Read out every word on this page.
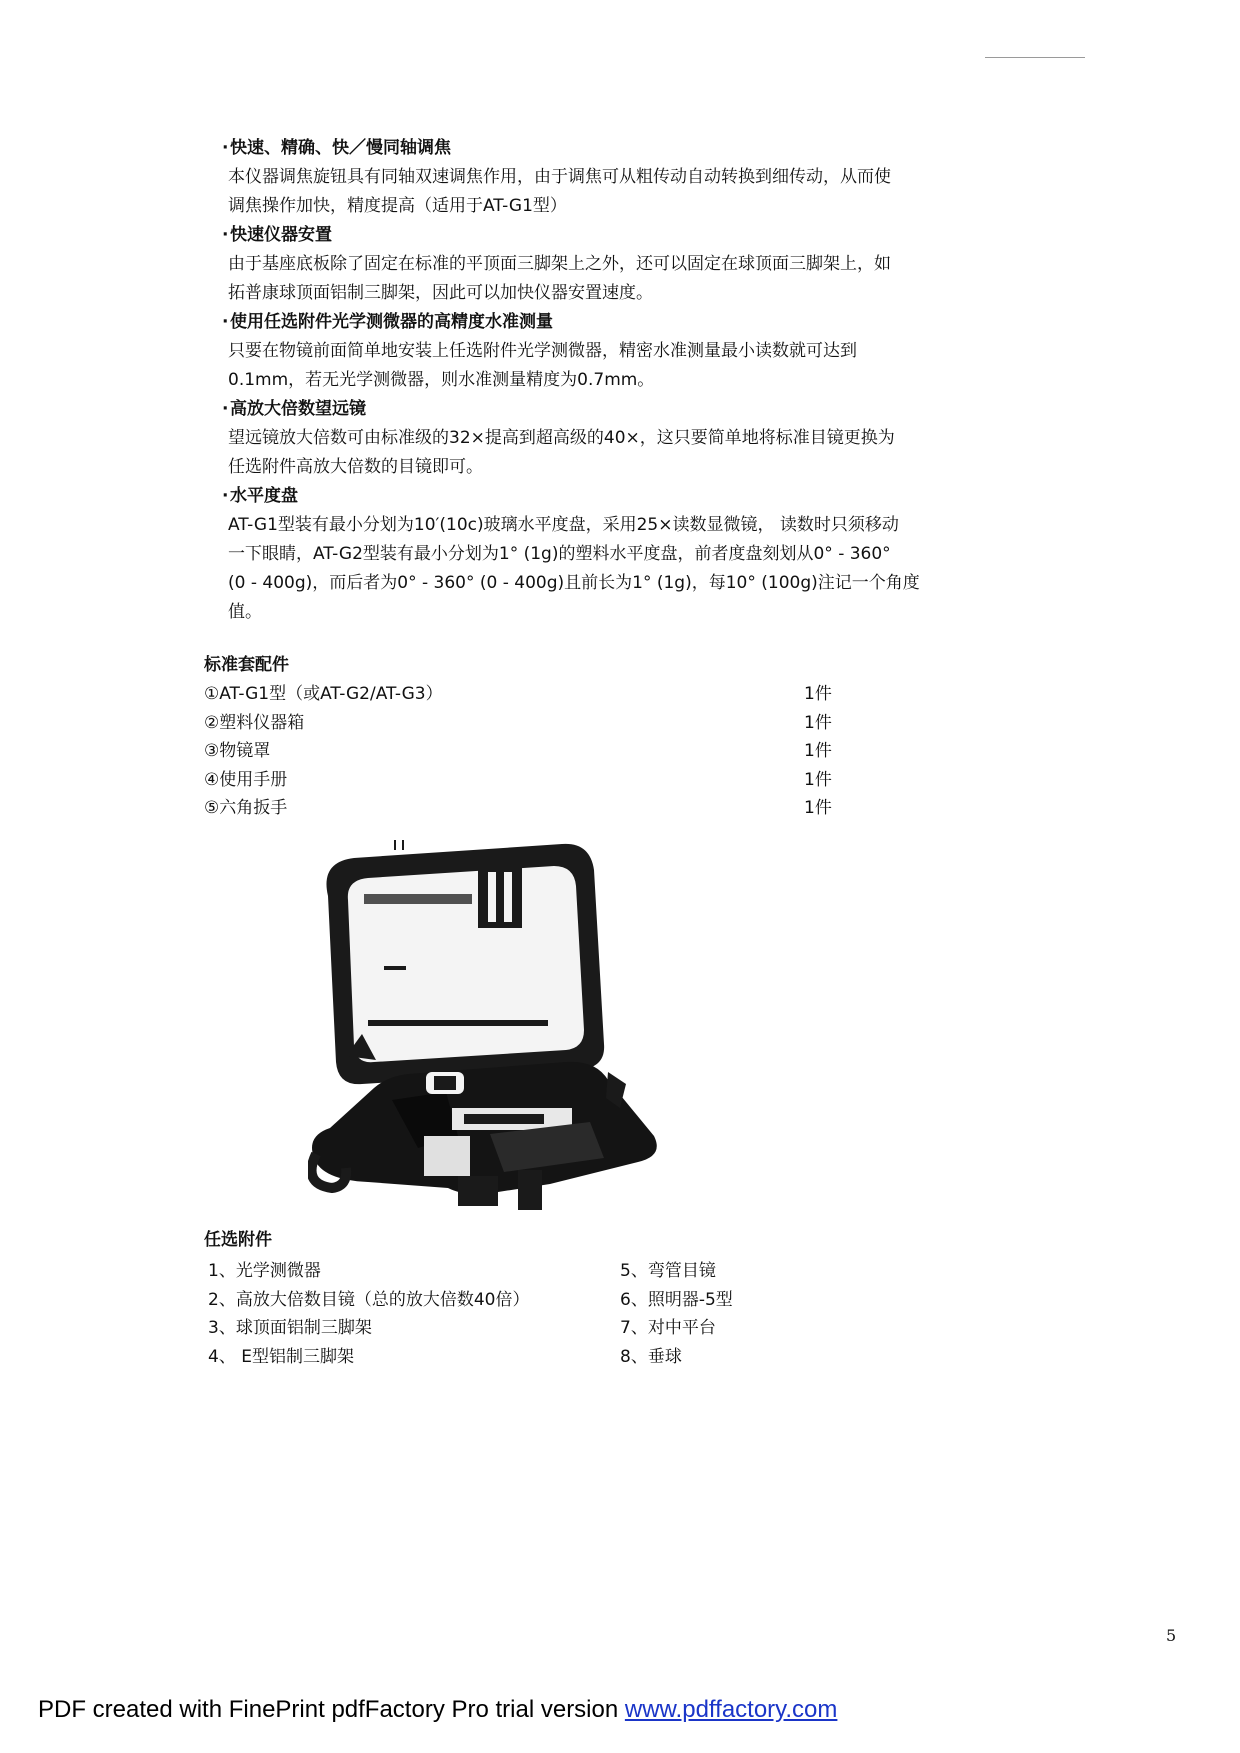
·快速、精确、快／慢同轴调焦
本仪器调焦旋钮具有同轴双速调焦作用，由于调焦可从粗传动自动转换到细传动，从而使
调焦操作加快，精度提高（适用于AT-G1型）
·快速仪器安置
由于基座底板除了固定在标准的平顶面三脚架上之外，还可以固定在球顶面三脚架上，如
拓普康球顶面铝制三脚架，因此可以加快仪器安置速度。
·使用任选附件光学测微器的高精度水准测量
只要在物镜前面简单地安装上任选附件光学测微器，精密水准测量最小读数就可达到
0.1mm，若无光学测微器，则水准测量精度为0.7mm。
·高放大倍数望远镜
望远镜放大倍数可由标准级的32×提高到超高级的40×，这只要简单地将标准目镜更换为
任选附件高放大倍数的目镜即可。
·水平度盘
AT-G1型装有最小分划为10′(10c)玻璃水平度盘，采用25×读数显微镜， 读数时只须移动
一下眼睛，AT-G2型装有最小分划为1° (1g)的塑料水平度盘，前者度盘刻划从0° - 360°
(0 - 400g)，而后者为0° - 360° (0 - 400g)且前长为1° (1g)，每10° (100g)注记一个角度
值。
标准套配件
①AT-G1型（或AT-G2/AT-G3）	1件
②塑料仪器箱	1件
③物镜罩	1件
④使用手册	1件
⑤六角扳手	1件
任选附件
1、光学测微器
2、高放大倍数目镜（总的放大倍数40倍）
3、球顶面铝制三脚架
4、 E型铝制三脚架
5、弯管目镜
6、照明器-5型
7、对中平台
8、垂球
5
PDF created with FinePrint pdfFactory Pro trial version www.pdffactory.com
